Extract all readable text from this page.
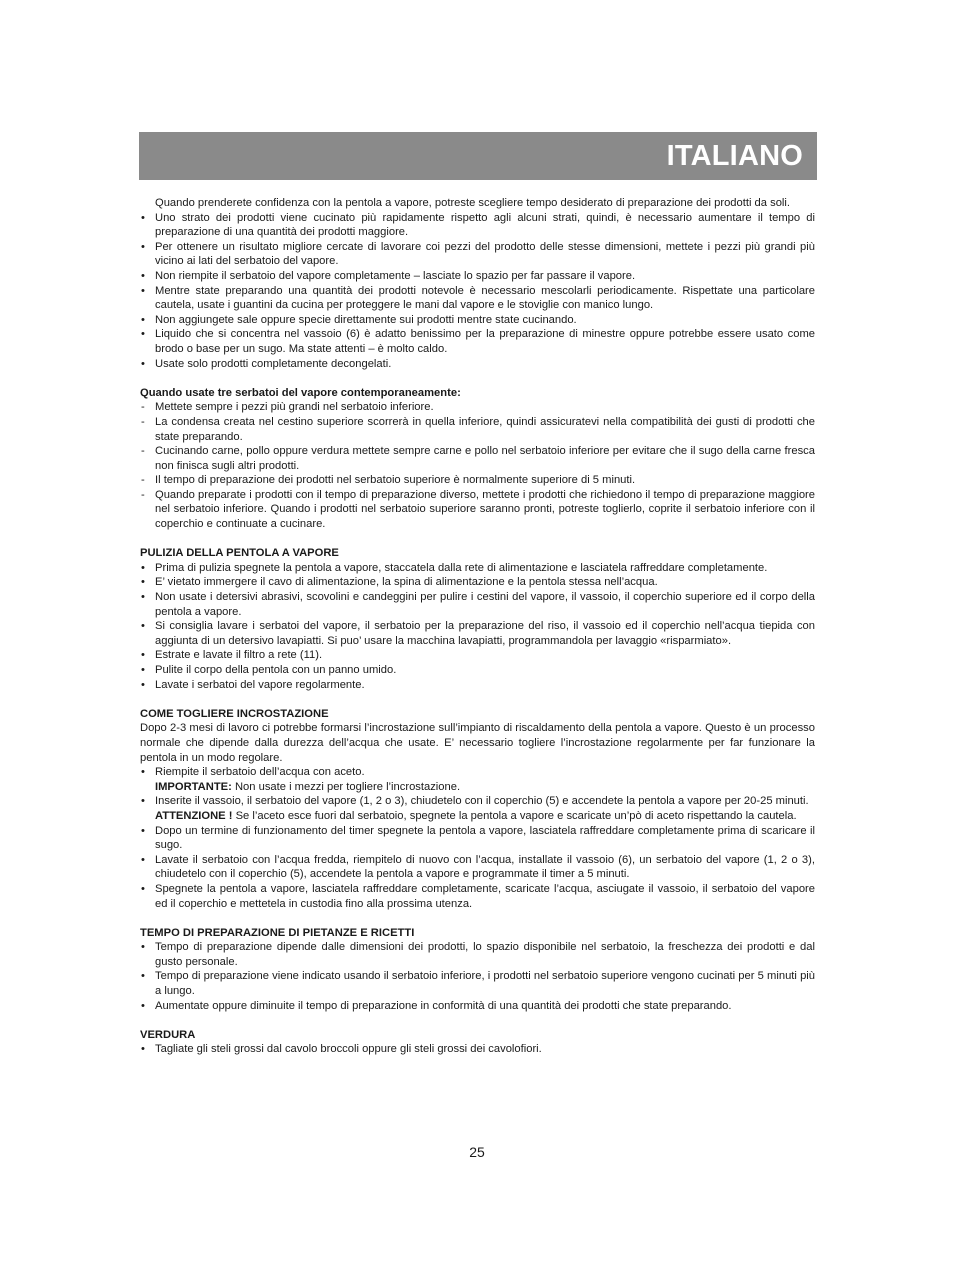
ITALIANO
Quando prenderete confidenza con la pentola a vapore, potreste scegliere tempo desiderato di preparazione dei prodotti da soli.
• Uno strato dei prodotti viene cucinato più rapidamente rispetto agli alcuni strati, quindi, è necessario aumentare il tempo di preparazione di una quantità dei prodotti maggiore.
• Per ottenere un risultato migliore cercate di lavorare coi pezzi del prodotto delle stesse dimensioni, mettete i pezzi più grandi più vicino ai lati del serbatoio del vapore.
• Non riempite il serbatoio del vapore completamente – lasciate lo spazio per far passare il vapore.
• Mentre state preparando una quantità dei prodotti notevole è necessario mescolarli periodicamente. Rispettate una particolare cautela, usate i guantini da cucina per proteggere le mani dal vapore e le stoviglie con manico lungo.
• Non aggiungete sale oppure specie direttamente sui prodotti mentre state cucinando.
• Liquido che si concentra nel vassoio (6) è adatto benissimo per la preparazione di minestre oppure potrebbe essere usato come brodo o base per un sugo. Ma state attenti – è molto caldo.
• Usate solo prodotti completamente decongelati.
Quando usate tre serbatoi del vapore contemporaneamente:
- Mettete sempre i pezzi più grandi nel serbatoio inferiore.
- La condensa creata nel cestino superiore scorrerà in quella inferiore, quindi assicuratevi nella compatibilità dei gusti di prodotti che state preparando.
- Cucinando carne, pollo oppure verdura mettete sempre carne e pollo nel serbatoio inferiore per evitare che il sugo della carne fresca non finisca sugli altri prodotti.
- Il tempo di preparazione dei prodotti nel serbatoio superiore è normalmente superiore di 5 minuti.
- Quando preparate i prodotti con il tempo di preparazione diverso, mettete i prodotti che richiedono il tempo di preparazione maggiore nel serbatoio inferiore. Quando i prodotti nel serbatoio superiore saranno pronti, potreste toglierlo, coprite il serbatoio inferiore con il coperchio e continuate a cucinare.
PULIZIA DELLA PENTOLA A VAPORE
• Prima di pulizia spegnete la pentola a vapore, staccatela dalla rete di alimentazione e lasciatela raffreddare completamente.
• E’ vietato immergere il cavo di alimentazione, la spina di alimentazione e la pentola stessa nell’acqua.
• Non usate i detersivi abrasivi, scovolini e candeggini per pulire i cestini del vapore, il vassoio, il coperchio superiore ed il corpo della pentola a vapore.
• Si consiglia lavare i serbatoi del vapore, il serbatoio per la preparazione del riso, il vassoio ed il coperchio nell’acqua tiepida con aggiunta di un detersivo lavapiatti. Si puo’ usare la macchina lavapiatti, programmandola per lavaggio «risparmiato».
• Estrate e lavate il filtro a rete (11).
• Pulite il corpo della pentola con un panno umido.
• Lavate i serbatoi del vapore regolarmente.
COME TOGLIERE INCROSTAZIONE
Dopo 2-3 mesi di lavoro ci potrebbe formarsi l’incrostazione sull’impianto di riscaldamento della pentola a vapore. Questo è un processo normale che dipende dalla durezza dell’acqua che usate. E’ necessario togliere l’incrostazione regolarmente per far funzionare la pentola in un modo regolare.
• Riempite il serbatoio dell’acqua con aceto.
IMPORTANTE: Non usate i mezzi per togliere l’incrostazione.
• Inserite il vassoio, il serbatoio del vapore (1, 2 o 3), chiudetelo con il coperchio (5) e accendete la pentola a vapore per 20-25 minuti.
ATTENZIONE ! Se l’aceto esce fuori dal serbatoio, spegnete la pentola a vapore e scaricate un’pò di aceto rispettando la cautela.
• Dopo un termine di funzionamento del timer spegnete la pentola a vapore, lasciatela raffreddare completamente prima di scaricare il sugo.
• Lavate il serbatoio con l’acqua fredda, riempitelo di nuovo con l’acqua, installate il vassoio (6), un serbatoio del vapore (1, 2 o 3), chiudetelo con il coperchio (5), accendete la pentola a vapore e programmate il timer a 5 minuti.
• Spegnete la pentola a vapore, lasciatela raffreddare completamente, scaricate l’acqua, asciugate il vassoio, il serbatoio del vapore ed il coperchio e mettetela in custodia fino alla prossima utenza.
TEMPO DI PREPARAZIONE DI PIETANZE E RICETTI
• Tempo di preparazione dipende dalle dimensioni dei prodotti, lo spazio disponibile nel serbatoio, la freschezza dei prodotti e dal gusto personale.
• Tempo di preparazione viene indicato usando il serbatoio inferiore, i prodotti nel serbatoio superiore vengono cucinati per 5 minuti più a lungo.
• Aumentate oppure diminuite il tempo di preparazione in conformità di una quantità dei prodotti che state preparando.
VERDURA
• Tagliate gli steli grossi dal cavolo broccoli oppure gli steli grossi dei cavolofiori.
25
